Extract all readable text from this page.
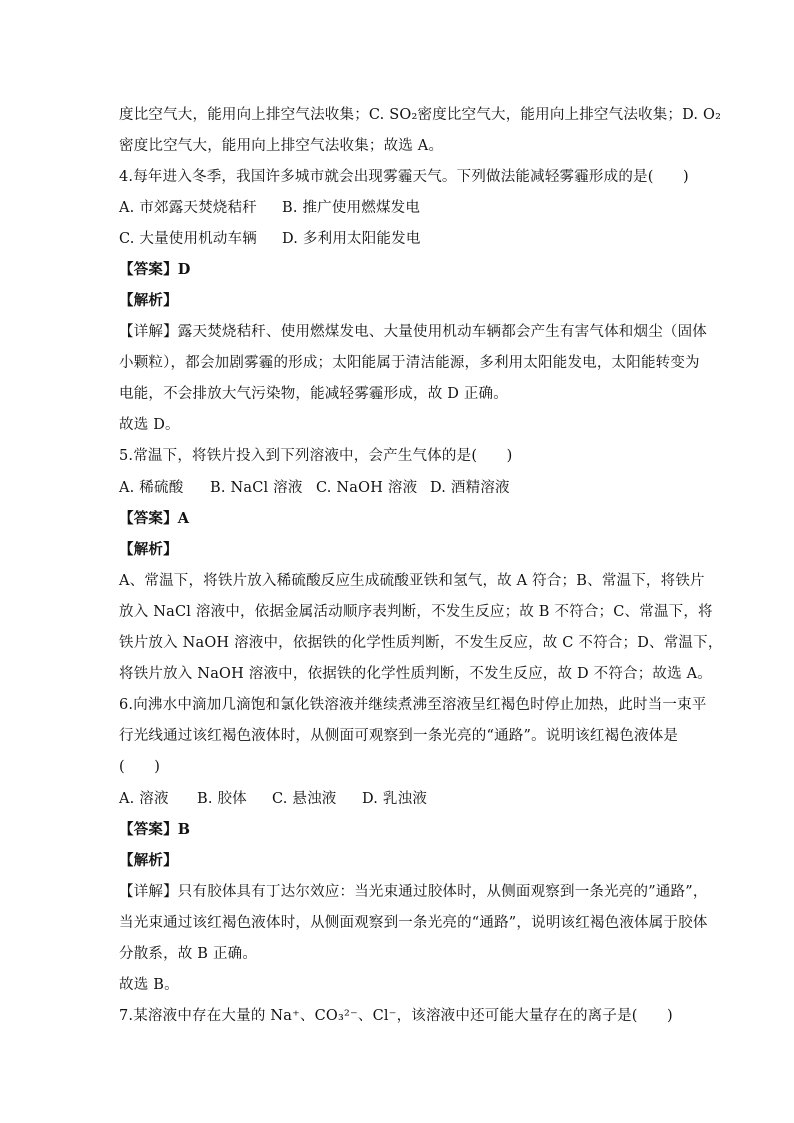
度比空气大，能用向上排空气法收集；C. SO₂密度比空气大，能用向上排空气法收集；D. O₂
密度比空气大，能用向上排空气法收集；故选 A。
4.每年进入冬季，我国许多城市就会出现雾霾天气。下列做法能减轻雾霾形成的是(　　)
A. 市郊露天焚烧秸秆 B. 推广使用燃煤发电
C. 大量使用机动车辆 D. 多利用太阳能发电
【答案】D
【解析】
【详解】露天焚烧秸秆、使用燃煤发电、大量使用机动车辆都会产生有害气体和烟尘（固体
小颗粒），都会加剧雾霾的形成；太阳能属于清洁能源，多利用太阳能发电，太阳能转变为
电能，不会排放大气污染物，能减轻雾霾形成，故 D 正确。
故选 D。
5.常温下，将铁片投入到下列溶液中，会产生气体的是(　　)
A. 稀硫酸 B. NaCl 溶液 C. NaOH 溶液 D. 酒精溶液
【答案】A
【解析】
A、常温下，将铁片放入稀硫酸反应生成硫酸亚铁和氢气，故 A 符合；B、常温下，将铁片
放入 NaCl 溶液中，依据金属活动顺序表判断，不发生反应；故 B 不符合；C、常温下，将
铁片放入 NaOH 溶液中，依据铁的化学性质判断，不发生反应，故 C 不符合；D、常温下，
将铁片放入 NaOH 溶液中，依据铁的化学性质判断，不发生反应，故 D 不符合；故选 A。
6.向沸水中滴加几滴饱和氯化铁溶液并继续煮沸至溶液呈红褐色时停止加热，此时当一束平
行光线通过该红褐色液体时，从侧面可观察到一条光亮的“通路”。说明该红褐色液体是
(　　)
A. 溶液 B. 胶体 C. 悬浊液 D. 乳浊液
【答案】B
【解析】
【详解】只有胶体具有丁达尔效应：当光束通过胶体时，从侧面观察到一条光亮的”通路”，
当光束通过该红褐色液体时，从侧面观察到一条光亮的“通路”，说明该红褐色液体属于胶体
分散系，故 B 正确。
故选 B。
7.某溶液中存在大量的 Na⁺、CO₃²⁻、Cl⁻，该溶液中还可能大量存在的离子是(　　)
